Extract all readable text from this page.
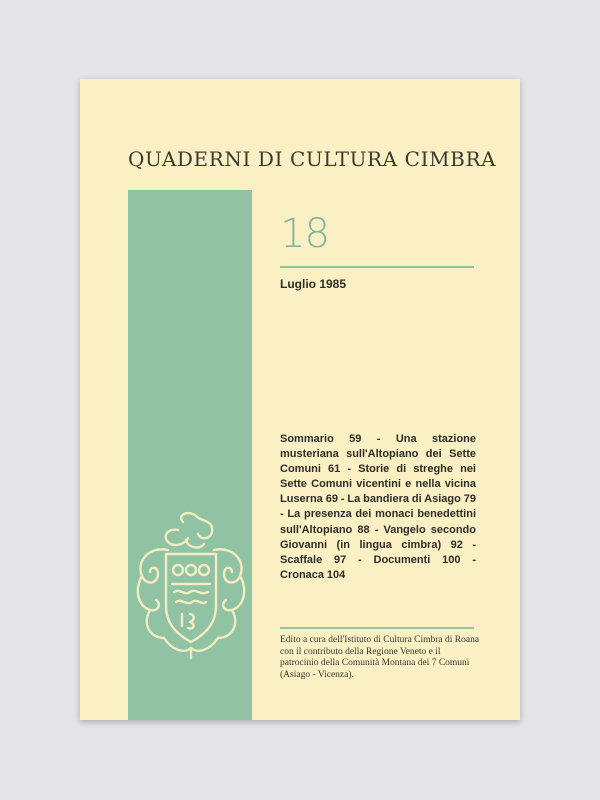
QUADERNI DI CULTURA CIMBRA
18
Luglio 1985
Sommario 59 - Una stazione musteriana sull'Altopiano dei Sette Comuni 61 - Storie di streghe nei Sette Comuni vicentini e nella vicina Luserna 69 - La bandiera di Asiago 79 - La presenza dei monaci benedettini sull'Altopiano 88 - Vangelo secondo Giovanni (in lingua cimbra) 92 - Scaffale 97 - Documenti 100 - Cronaca 104
Edito a cura dell'Istituto di Cultura Cimbra di Roana con il contributo della Regione Veneto e il patrocinio della Comunità Montana dei 7 Comuni (Asiago - Vicenza).
